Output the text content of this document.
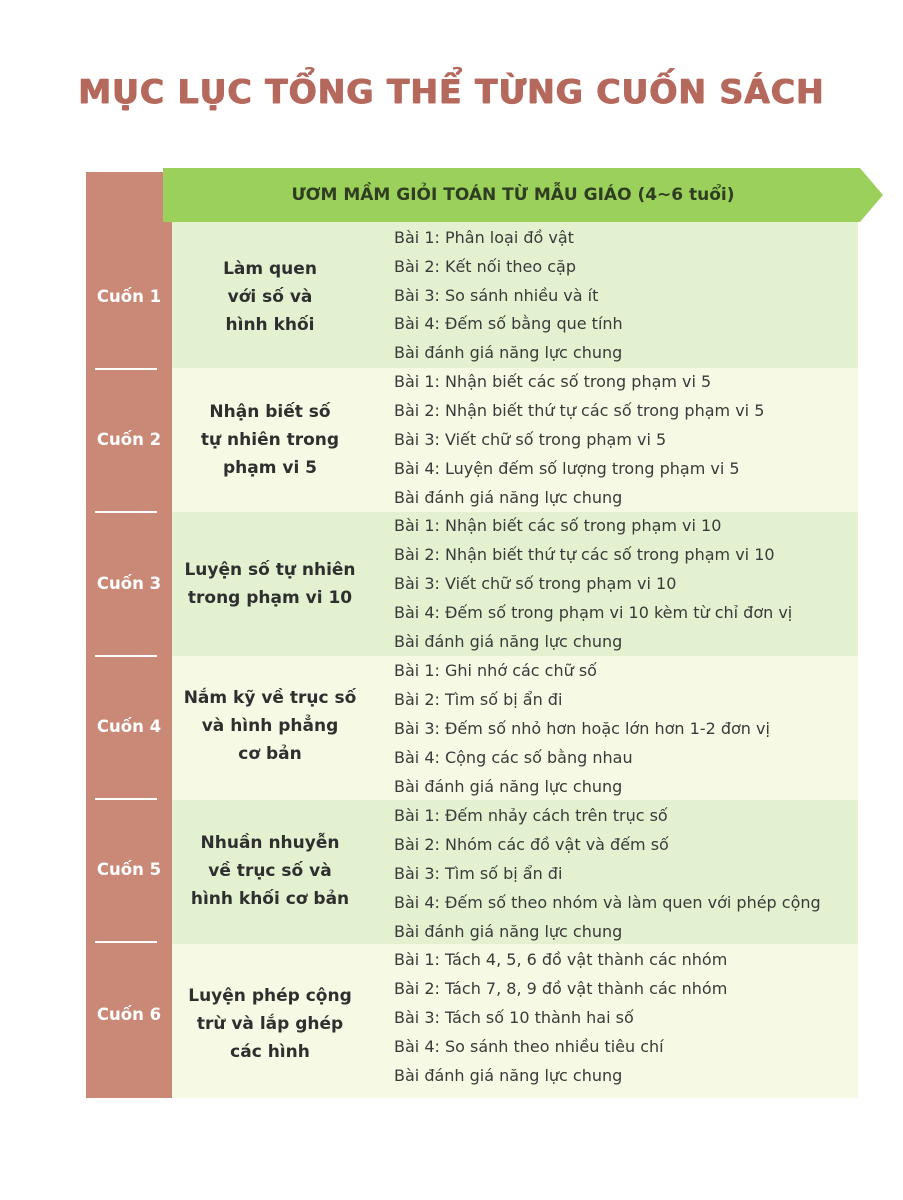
MỤC LỤC TỔNG THỂ TỪNG CUỐN SÁCH
ƯƠM MẦM GIỎI TOÁN TỪ MẪU GIÁO (4~6 tuổi)
Cuốn 1
Cuốn 2
Cuốn 3
Cuốn 4
Cuốn 5
Cuốn 6
Làm quen
với số và
hình khối
Bài 1: Phân loại đồ vật
Bài 2: Kết nối theo cặp
Bài 3: So sánh nhiều và ít
Bài 4: Đếm số bằng que tính
Bài đánh giá năng lực chung
Nhận biết số
tự nhiên trong
phạm vi 5
Bài 1: Nhận biết các số trong phạm vi 5
Bài 2: Nhận biết thứ tự các số trong phạm vi 5
Bài 3: Viết chữ số trong phạm vi 5
Bài 4: Luyện đếm số lượng trong phạm vi 5
Bài đánh giá năng lực chung
Luyện số tự nhiên
trong phạm vi 10
Bài 1: Nhận biết các số trong phạm vi 10
Bài 2: Nhận biết thứ tự các số trong phạm vi 10
Bài 3: Viết chữ số trong phạm vi 10
Bài 4: Đếm số trong phạm vi 10 kèm từ chỉ đơn vị
Bài đánh giá năng lực chung
Nắm kỹ về trục số
và hình phẳng
cơ bản
Bài 1: Ghi nhớ các chữ số
Bài 2: Tìm số bị ẩn đi
Bài 3: Đếm số nhỏ hơn hoặc lớn hơn 1-2 đơn vị
Bài 4: Cộng các số bằng nhau
Bài đánh giá năng lực chung
Nhuần nhuyễn
về trục số và
hình khối cơ bản
Bài 1: Đếm nhảy cách trên trục số
Bài 2: Nhóm các đồ vật và đếm số
Bài 3: Tìm số bị ẩn đi
Bài 4: Đếm số theo nhóm và làm quen với phép cộng
Bài đánh giá năng lực chung
Luyện phép cộng
trừ và lắp ghép
các hình
Bài 1: Tách 4, 5, 6 đồ vật thành các nhóm
Bài 2: Tách 7, 8, 9 đồ vật thành các nhóm
Bài 3: Tách số 10 thành hai số
Bài 4: So sánh theo nhiều tiêu chí
Bài đánh giá năng lực chung
